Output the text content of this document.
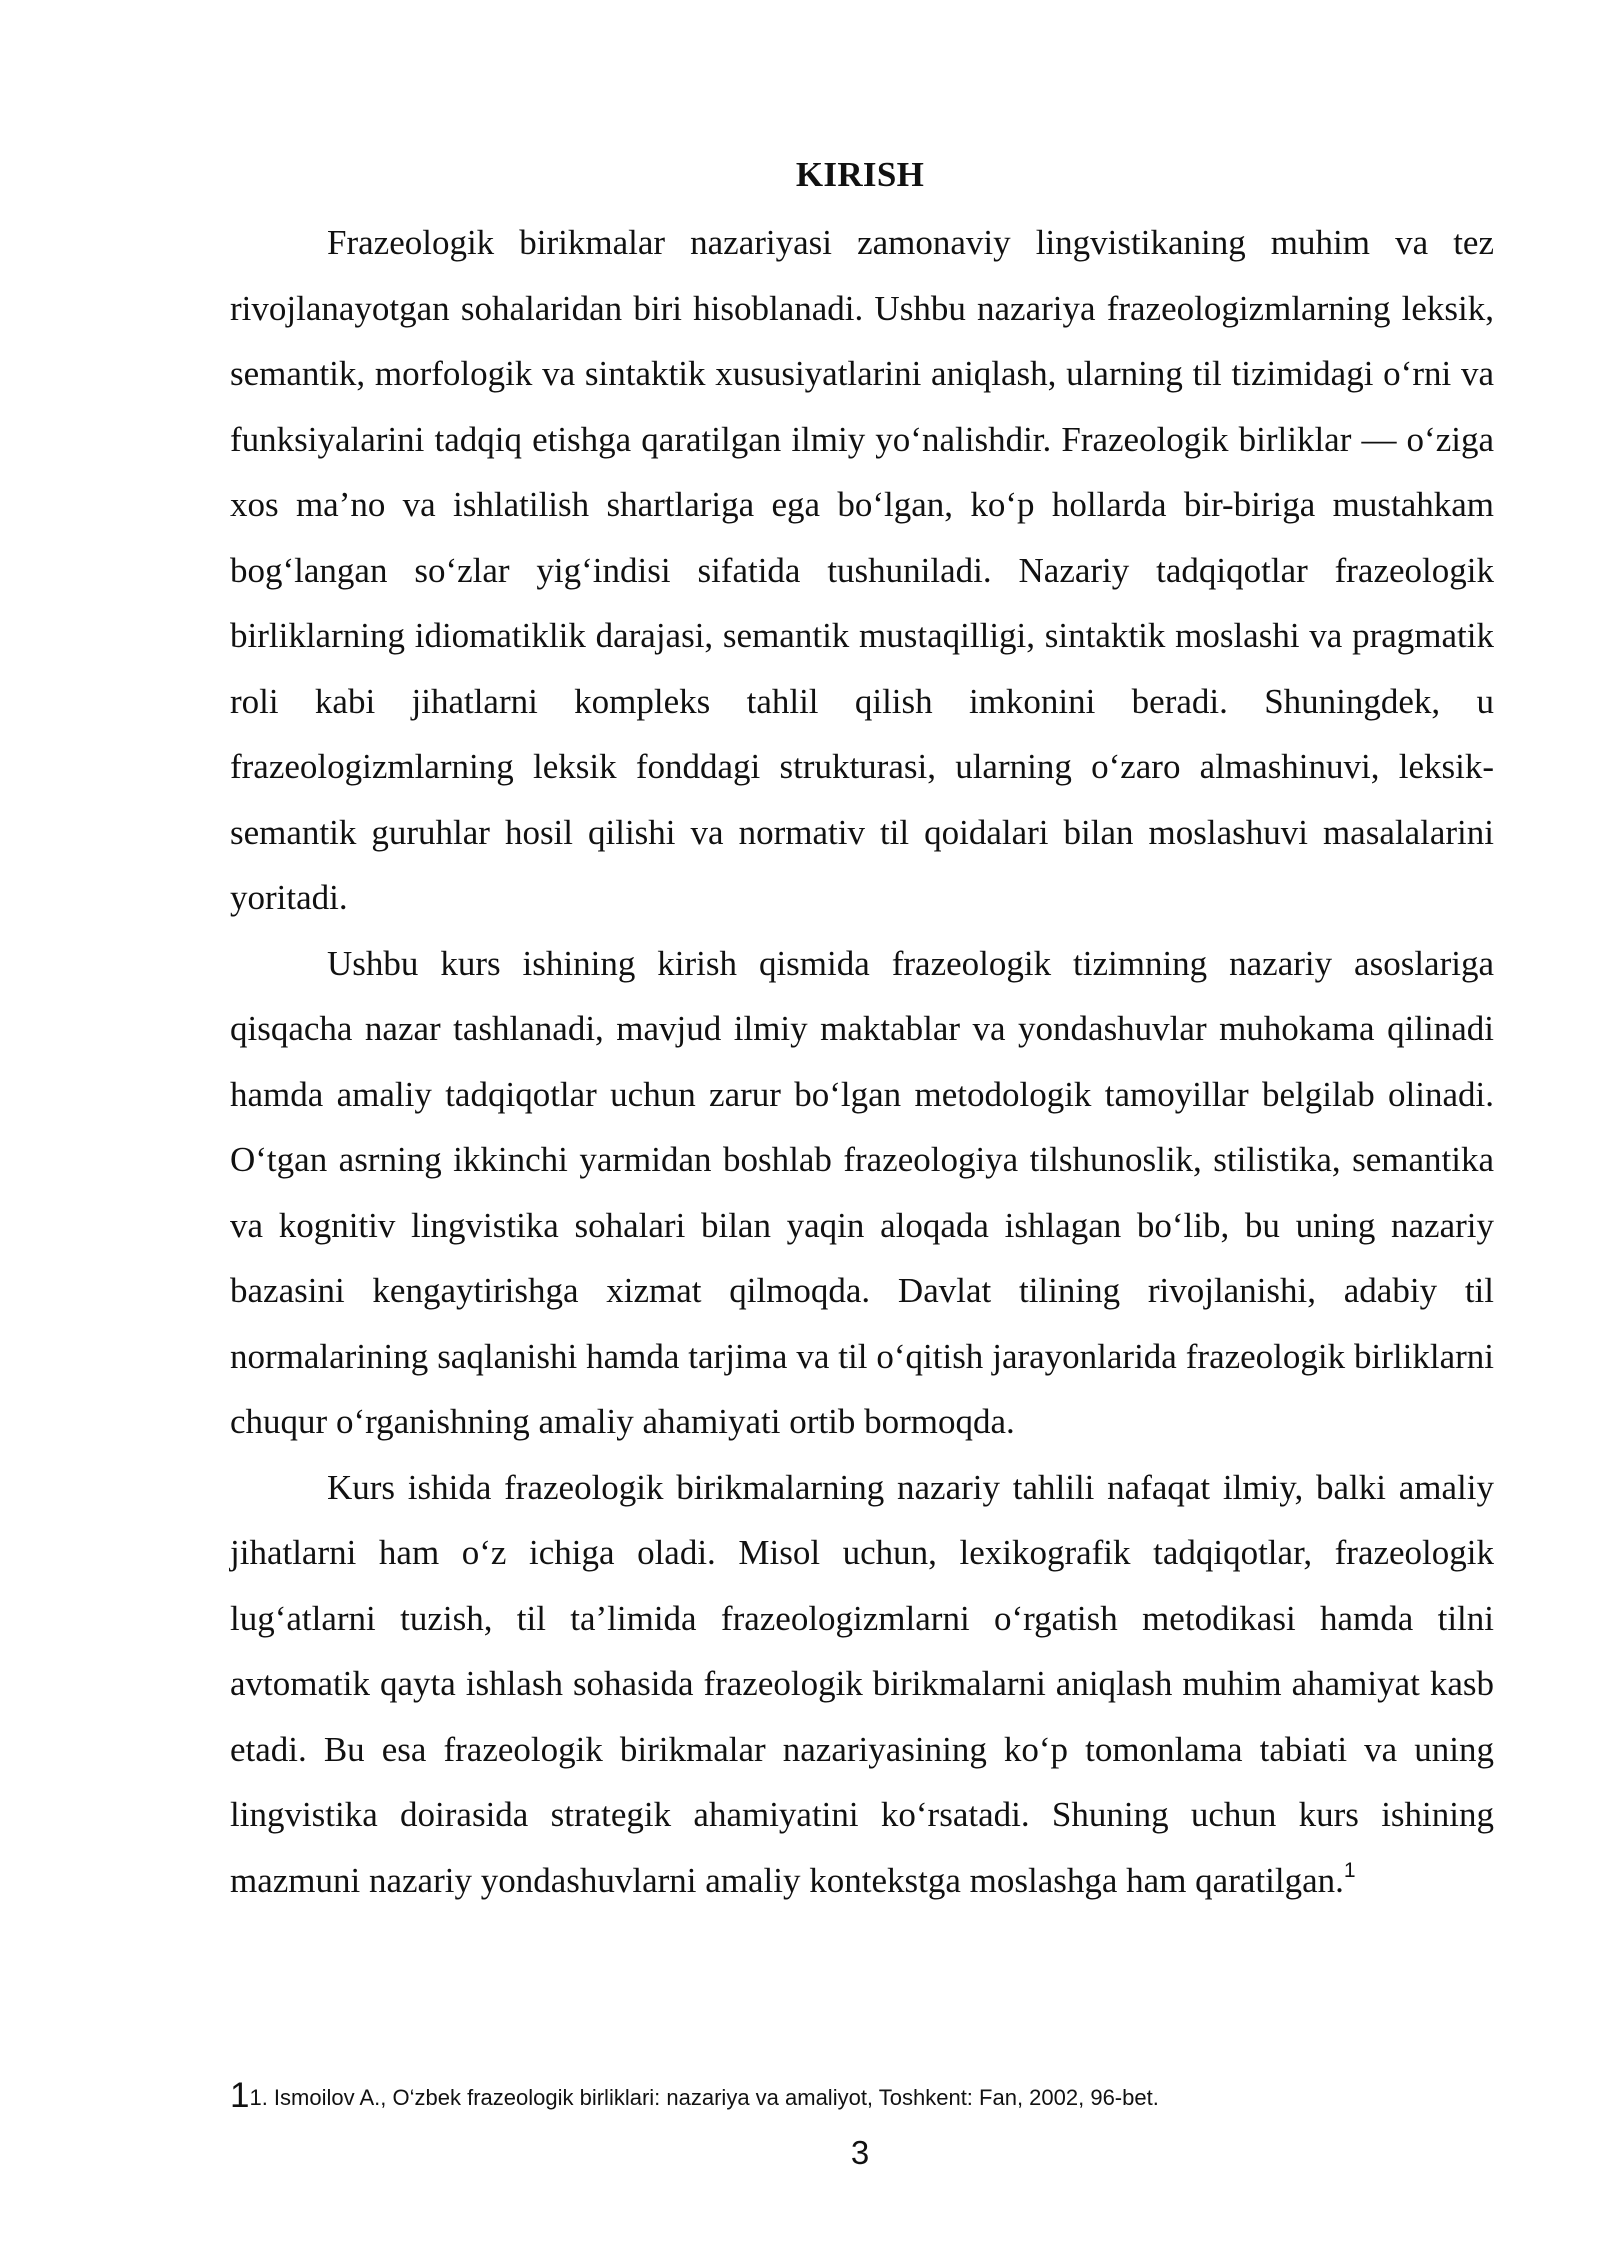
KIRISH

Frazeologik birikmalar nazariyasi zamonaviy lingvistikaning muhim va tez rivojlanayotgan sohalaridan biri hisoblanadi. Ushbu nazariya frazeologizmlarning leksik, semantik, morfologik va sintaktik xususiyatlarini aniqlash, ularning til tizimidagi o‘rni va funksiyalarini tadqiq etishga qaratilgan ilmiy yo‘nalishdir. Frazeologik birliklar — o‘ziga xos ma’no va ishlatilish shartlariga ega bo‘lgan, ko‘p hollarda bir-biriga mustahkam bog‘langan so‘zlar yig‘indisi sifatida tushuniladi. Nazariy tadqiqotlar frazeologik birliklarning idiomatiklik darajasi, semantik mustaqilligi, sintaktik moslashi va pragmatik roli kabi jihatlarni kompleks tahlil qilish imkonini beradi. Shuningdek, u frazeologizmlarning leksik fonddagi strukturasi, ularning o‘zaro almashinuvi, leksik-semantik guruhlar hosil qilishi va normativ til qoidalari bilan moslashuvi masalalarini yoritadi.

Ushbu kurs ishining kirish qismida frazeologik tizimning nazariy asoslariga qisqacha nazar tashlanadi, mavjud ilmiy maktablar va yondashuvlar muhokama qilinadi hamda amaliy tadqiqotlar uchun zarur bo‘lgan metodologik tamoyillar belgilab olinadi. O‘tgan asrning ikkinchi yarmidan boshlab frazeologiya tilshunoslik, stilistika, semantika va kognitiv lingvistika sohalari bilan yaqin aloqada ishlagan bo‘lib, bu uning nazariy bazasini kengaytirishga xizmat qilmoqda. Davlat tilining rivojlanishi, adabiy til normalarining saqlanishi hamda tarjima va til o‘qitish jarayonlarida frazeologik birliklarni chuqur o‘rganishning amaliy ahamiyati ortib bormoqda.

Kurs ishida frazeologik birikmalarning nazariy tahlili nafaqat ilmiy, balki amaliy jihatlarni ham o‘z ichiga oladi. Misol uchun, lexikografik tadqiqotlar, frazeologik lug‘atlarni tuzish, til ta’limida frazeologizmlarni o‘rgatish metodikasi hamda tilni avtomatik qayta ishlash sohasida frazeologik birikmalarni aniqlash muhim ahamiyat kasb etadi. Bu esa frazeologik birikmalar nazariyasining ko‘p tomonlama tabiati va uning lingvistika doirasida strategik ahamiyatini ko‘rsatadi. Shuning uchun kurs ishining mazmuni nazariy yondashuvlarni amaliy kontekstga moslashga ham qaratilgan.$^1$

11. Ismoilov A., O‘zbek frazeologik birliklari: nazariya va amaliyot, Toshkent: Fan, 2002, 96-bet.
3
